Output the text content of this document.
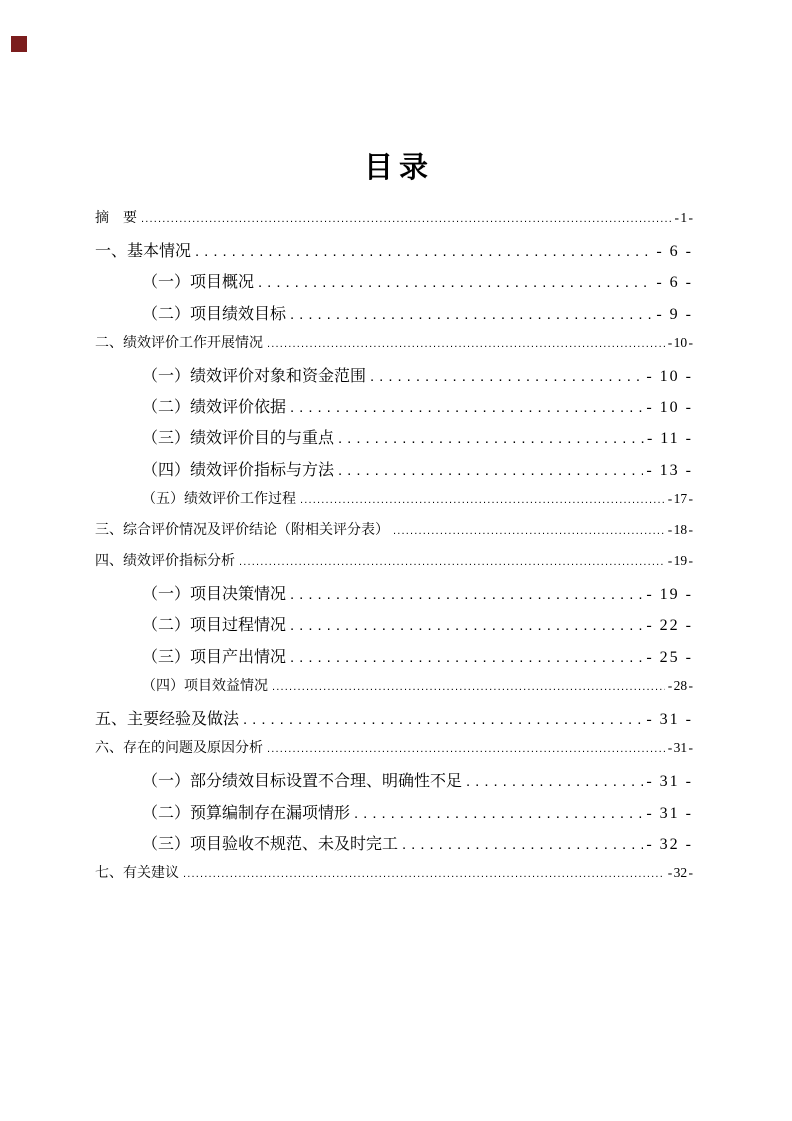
目录
摘　要 .....	- 1 -
一、基本情况 .....	- 6 -
（一）项目概况 .....	- 6 -
（二）项目绩效目标 .....	- 9 -
二、绩效评价工作开展情况 .....	- 10 -
（一）绩效评价对象和资金范围 .....	- 10 -
（二）绩效评价依据 .....	- 10 -
（三）绩效评价目的与重点 .....	- 11 -
（四）绩效评价指标与方法 .....	- 13 -
（五）绩效评价工作过程 .....	- 17 -
三、综合评价情况及评价结论（附相关评分表） .....	- 18 -
四、绩效评价指标分析 .....	- 19 -
（一）项目决策情况 .....	- 19 -
（二）项目过程情况 .....	- 22 -
（三）项目产出情况 .....	- 25 -
（四）项目效益情况 .....	- 28 -
五、主要经验及做法 .....	- 31 -
六、存在的问题及原因分析 .....	- 31 -
（一）部分绩效目标设置不合理、明确性不足 .....	- 31 -
（二）预算编制存在漏项情形 .....	- 31 -
（三）项目验收不规范、未及时完工 .....	- 32 -
七、有关建议 .....	- 32 -
